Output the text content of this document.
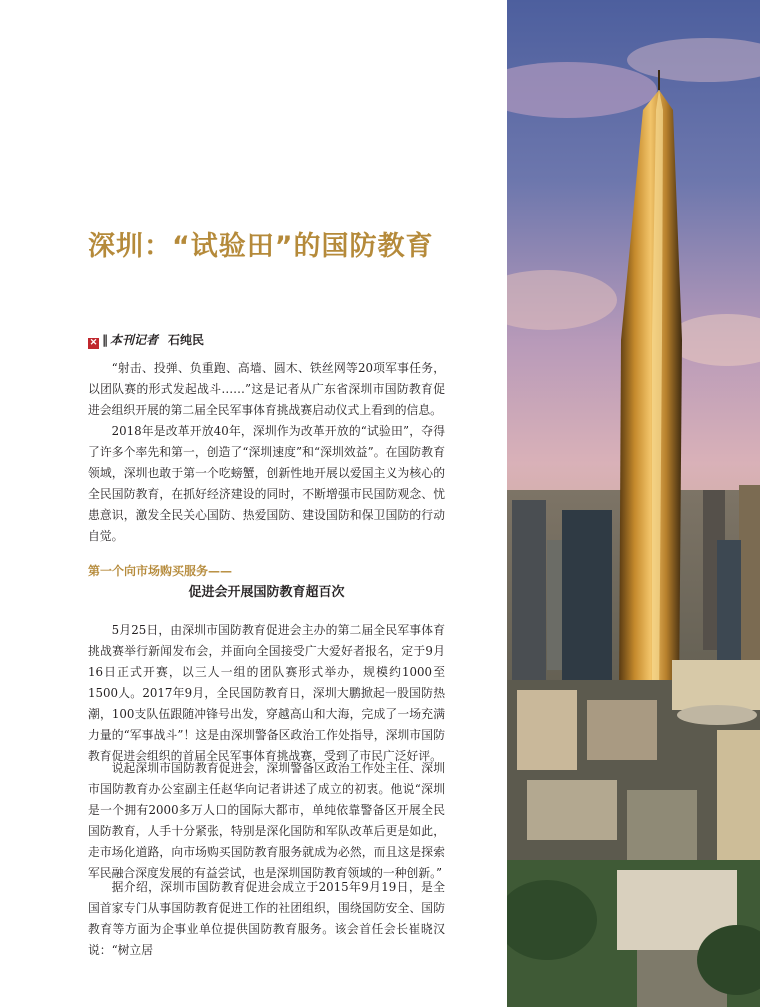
深圳：“试验田”的国防教育
✕ ‖ 本刊记者 石纯民
“射击、投弹、负重跑、高墙、圆木、铁丝网等20项军事任务，以团队赛的形式发起战斗……”这是记者从广东省深圳市国防教育促进会组织开展的第二届全民军事体育挑战赛启动仪式上看到的信息。
2018年是改革开放40年，深圳作为改革开放的“试验田”，夺得了许多个率先和第一，创造了“深圳速度”和“深圳效益”。在国防教育领域，深圳也敢于第一个吃螃蟹，创新性地开展以爱国主义为核心的全民国防教育，在抓好经济建设的同时，不断增强市民国防观念、忧患意识，激发全民关心国防、热爱国防、建设国防和保卫国防的行动自觉。
第一个向市场购买服务——
促进会开展国防教育超百次
5月25日，由深圳市国防教育促进会主办的第二届全民军事体育挑战赛举行新闻发布会，并面向全国接受广大爱好者报名，定于9月16日正式开赛，以三人一组的团队赛形式举办，规模约1000至1500人。2017年9月，全民国防教育日，深圳大鹏掀起一股国防热潮，100支队伍跟随冲锋号出发，穿越高山和大海，完成了一场充满力量的“军事战斗”！这是由深圳警备区政治工作处指导，深圳市国防教育促进会组织的首届全民军事体育挑战赛，受到了市民广泛好评。
说起深圳市国防教育促进会，深圳警备区政治工作处主任、深圳市国防教育办公室副主任赵华向记者讲述了成立的初衷。他说“深圳是一个拥有2000多万人口的国际大都市，单纯依靠警备区开展全民国防教育，人手十分紧张，特别是深化国防和军队改革后更是如此，走市场化道路，向市场购买国防教育服务就成为必然，而且这是探索军民融合深度发展的有益尝试，也是深圳国防教育领域的一种创新。”
据介绍，深圳市国防教育促进会成立于2015年9月19日，是全国首家专门从事国防教育促进工作的社团组织，围绕国防安全、国防教育等方面为企事业单位提供国防教育服务。该会首任会长崔晓汉说：“树立居
